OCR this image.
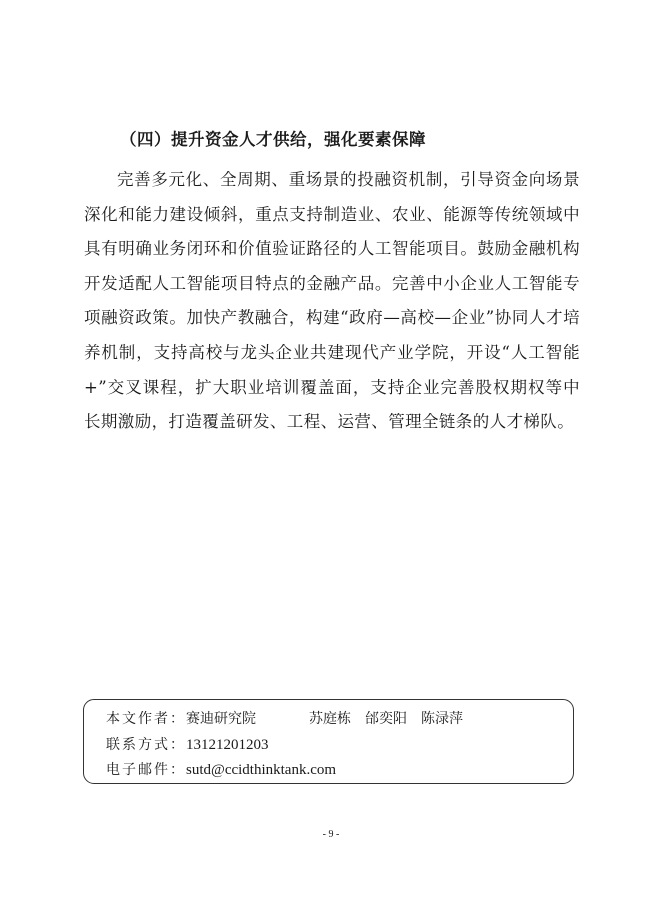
（四）提升资金人才供给，强化要素保障
完善多元化、全周期、重场景的投融资机制，引导资金向场景深化和能力建设倾斜，重点支持制造业、农业、能源等传统领域中具有明确业务闭环和价值验证路径的人工智能项目。鼓励金融机构开发适配人工智能项目特点的金融产品。完善中小企业人工智能专项融资政策。加快产教融合，构建“政府—高校—企业”协同人才培养机制，支持高校与龙头企业共建现代产业学院，开设“人工智能+”交叉课程，扩大职业培训覆盖面，支持企业完善股权期权等中长期激励，打造覆盖研发、工程、运营、管理全链条的人才梯队。
本文作者：赛迪研究院	苏庭栋 邰奕阳 陈渌萍
联系方式：13121201203
电子邮件：sutd@ccidthinktank.com
- 9 -
